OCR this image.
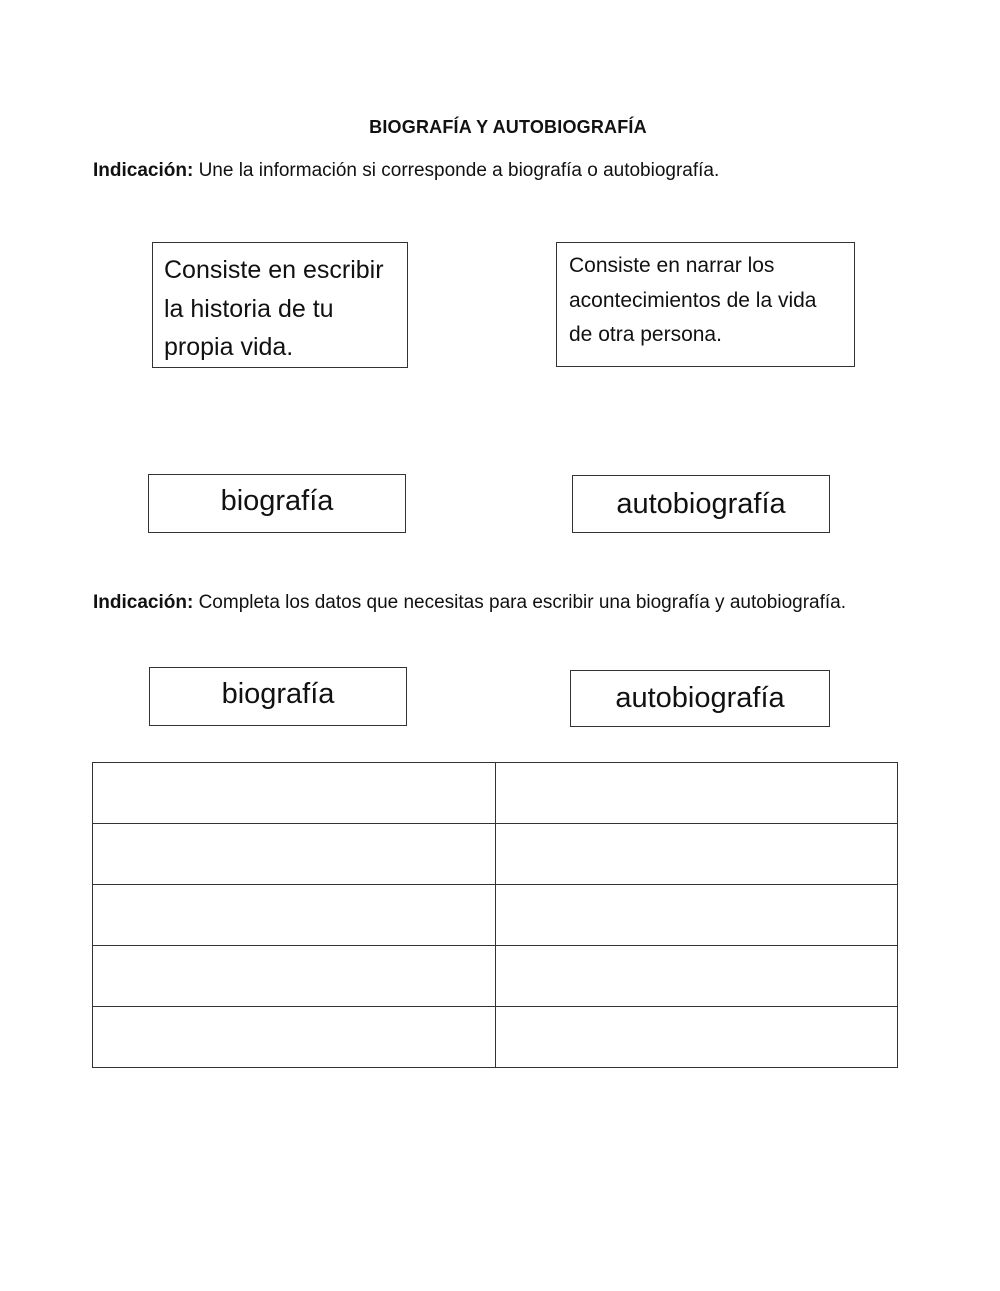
BIOGRAFÍA Y AUTOBIOGRAFÍA
Indicación: Une la información si corresponde a biografía o autobiografía.
Consiste en escribir la historia de tu propia vida.
Consiste en narrar los acontecimientos de la vida de otra persona.
biografía	autobiografía
Indicación: Completa los datos que necesitas para escribir una biografía y autobiografía.
biografía	autobiografía
